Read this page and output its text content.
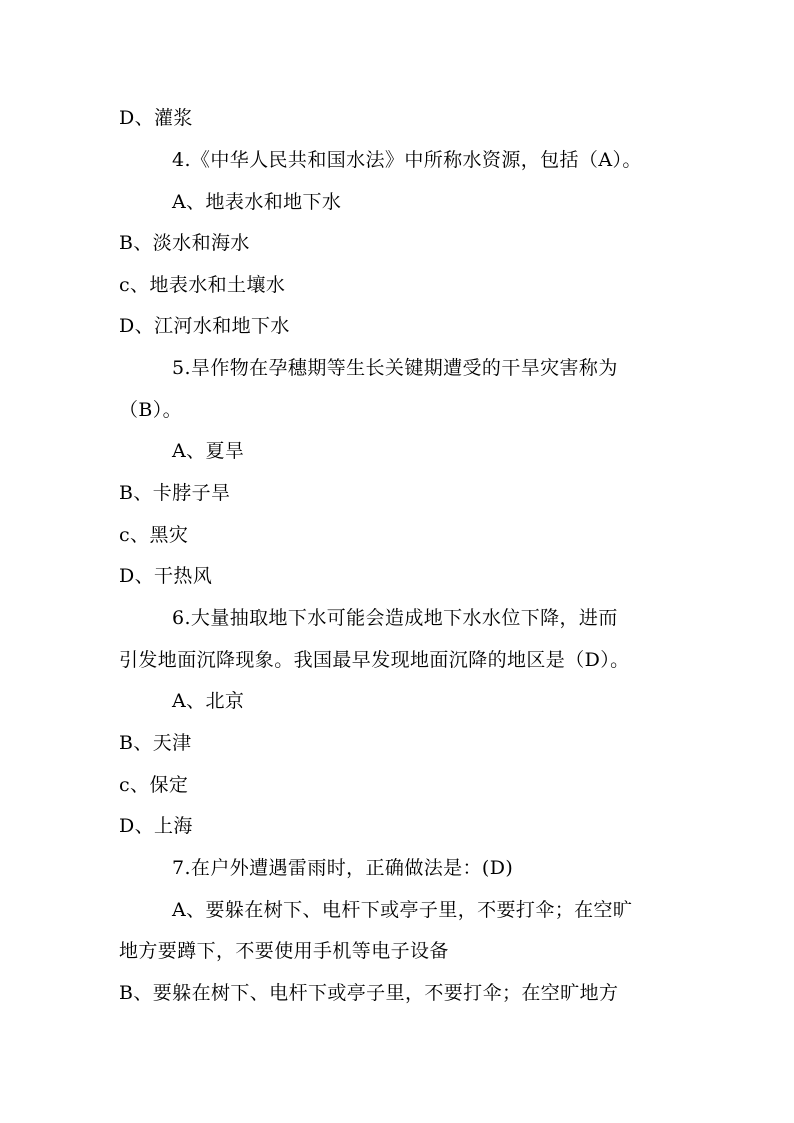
D、灌浆
4.《中华人民共和国水法》中所称水资源，包括（A）。
A、地表水和地下水
B、淡水和海水
c、地表水和土壤水
D、江河水和地下水
5.旱作物在孕穗期等生长关键期遭受的干旱灾害称为
（B）。
A、夏旱
B、卡脖子旱
c、黑灾
D、干热风
6.大量抽取地下水可能会造成地下水水位下降，进而
引发地面沉降现象。我国最早发现地面沉降的地区是（D）。
A、北京
B、天津
c、保定
D、上海
7.在户外遭遇雷雨时，正确做法是：(D)
A、要躲在树下、电杆下或亭子里，不要打伞；在空旷
地方要蹲下，不要使用手机等电子设备
B、要躲在树下、电杆下或亭子里，不要打伞；在空旷地方
